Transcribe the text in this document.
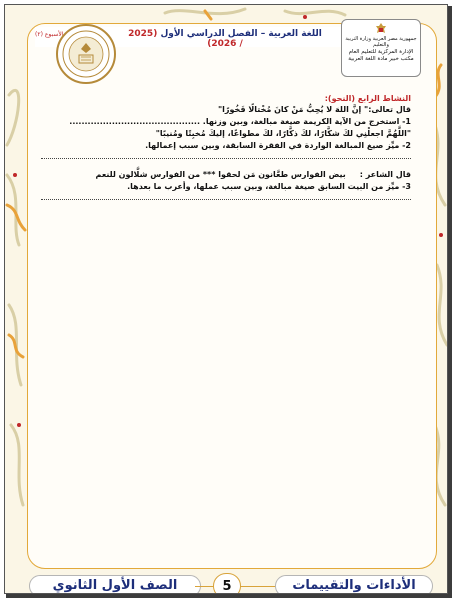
اللغة العربية – الفصل الدراسي الأول (2025 / 2026)
الأسبوع (٢)
جمهورية مصر العربية وزارة التربية والتعليم
الإدارة المركزية للتعليم العام
مكتب خبير مادة اللغة العربية

النشاط الرابع (النحو):

قال تعالى:" إنَّ اللهَ لا يُحِبُّ مَنْ كانَ مُخْتالًا فَخُورًا"
1- استخرج من الآية الكريمة صيغة مبالغة، وبين وزنها. ...........................................
"اللَّهُمَّ اجعلْنِي لكَ شكَّارًا، لكَ ذكَّارًا، لكَ مطواعًا، إليكَ مُخبِتًا ومُنيبًا"
2- ميِّز صيغ المبالغة الواردة في الفقرة السابقة، وبين سبب إعمالها.
قال الشاعر :     بيض الفوارس طعَّانون مَن لحقوا *** من الفوارس شلَّالون للنعم
3- ميِّز من البيت السابق صيغة مبالغة، وبين سبب عملها، وأعرب ما بعدها.
الصف الأول الثانوي	5	الأداءات والتقييمات
